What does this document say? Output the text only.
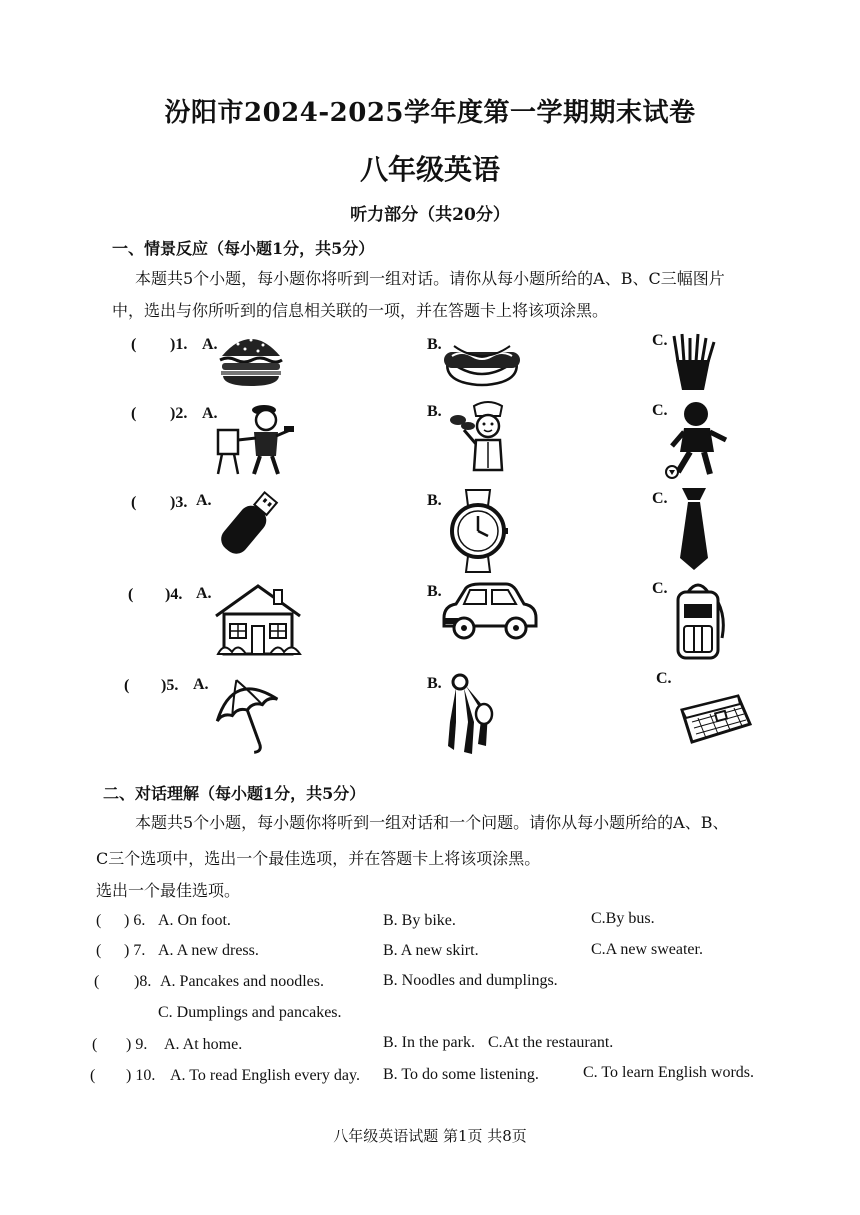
汾阳市2024-2025学年度第一学期期末试卷
八年级英语
听力部分（共20分）
一、情景反应（每小题1分，共5分）
本题共5个小题，每小题你将听到一组对话。请你从每小题所给的A、B、C三幅图片
中，选出与你所听到的信息相关联的一项，并在答题卡上将该项涂黑。
( )1. A.	B.	C.
( )2. A.	B.	C.
( )3. A.	B.	C.
( )4. A.	B.	C.
( )5. A.	B.	C.
二、对话理解（每小题1分，共5分）
本题共5个小题，每小题你将听到一组对话和一个问题。请你从每小题所给的A、B、
C三个选项中，选出一个最佳选项，并在答题卡上将该项涂黑。
选出一个最佳选项。
( ) 6. A. On foot.	B. By bike.	C.By bus.
( ) 7. A. A new dress.	B. A new skirt.	C.A new sweater.
( )8. A. Pancakes and noodles.	B. Noodles and dumplings.
C. Dumplings and pancakes.
( ) 9. A. At home.	B. In the park. C.At the restaurant.
( ) 10. A. To read English every day. B. To do some listening.	C. To learn English words.
八年级英语试题 第1页 共8页
